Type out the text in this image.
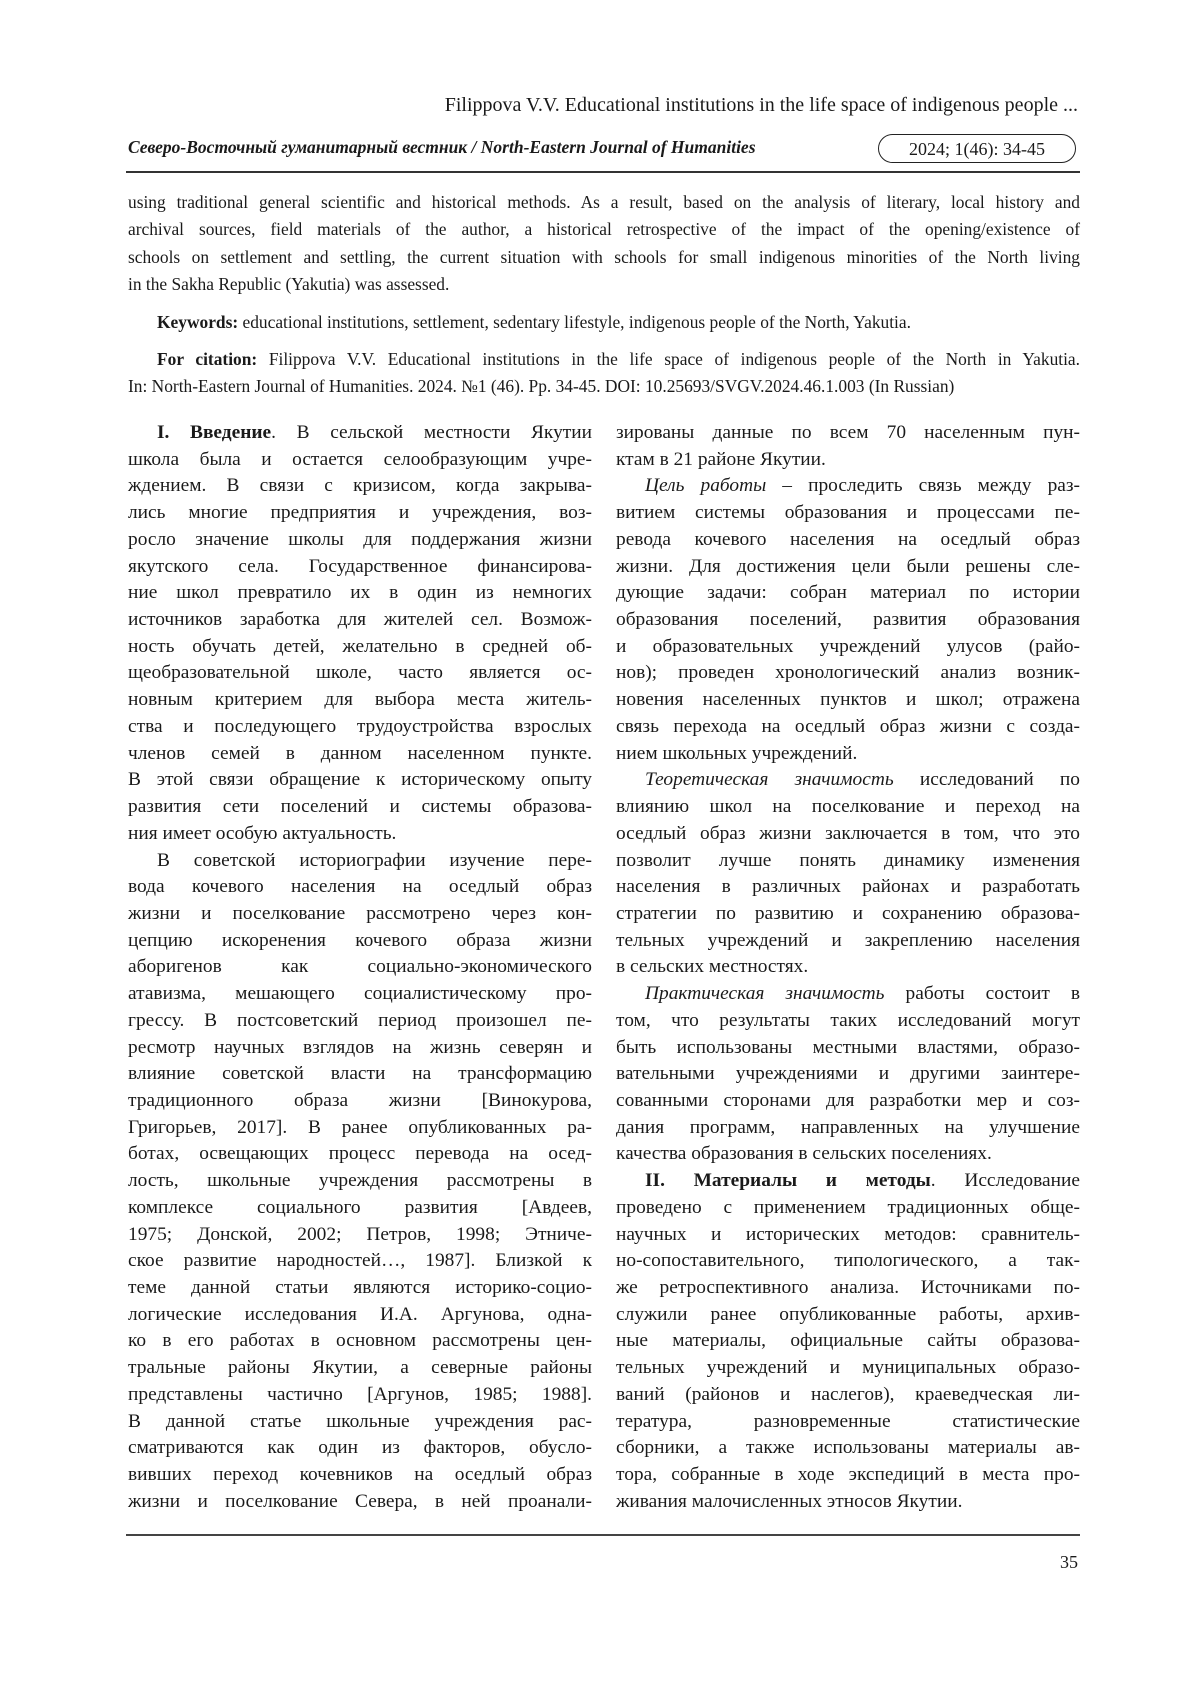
Filippova V.V. Educational institutions in the life space of indigenous people ...
Северо-Восточный гуманитарный вестник / North-Eastern Journal of Humanities	2024; 1(46): 34-45
using traditional general scientific and historical methods. As a result, based on the analysis of literary, local history and
archival sources, field materials of the author, a historical retrospective of the impact of the opening/existence of
schools on settlement and settling, the current situation with schools for small indigenous minorities of the North living
in the Sakha Republic (Yakutia) was assessed.
Keywords: educational institutions, settlement, sedentary lifestyle, indigenous people of the North, Yakutia.
For citation: Filippova V.V. Educational institutions in the life space of indigenous people of the North in Yakutia.
In: North-Eastern Journal of Humanities. 2024. №1 (46). Pp. 34-45. DOI: 10.25693/SVGV.2024.46.1.003 (In Russian)
I. Введение. В сельской местности Якутии
школа была и остается селообразующим учре-
ждением. В связи с кризисом, когда закрыва-
лись многие предприятия и учреждения, воз-
росло значение школы для поддержания жизни
якутского села. Государственное финансирова-
ние школ превратило их в один из немногих
источников заработка для жителей сел. Возмож-
ность обучать детей, желательно в средней об-
щеобразовательной школе, часто является ос-
новным критерием для выбора места житель-
ства и последующего трудоустройства взрослых
членов семей в данном населенном пункте.
В этой связи обращение к историческому опыту
развития сети поселений и системы образова-
ния имеет особую актуальность.
В советской историографии изучение пере-
вода кочевого населения на оседлый образ
жизни и поселкование рассмотрено через кон-
цепцию искоренения кочевого образа жизни
аборигенов как социально-экономического
атавизма, мешающего социалистическому про-
грессу. В постсоветский период произошел пе-
ресмотр научных взглядов на жизнь северян и
влияние советской власти на трансформацию
традиционного образа жизни [Винокурова,
Григорьев, 2017]. В ранее опубликованных ра-
ботах, освещающих процесс перевода на осед-
лость, школьные учреждения рассмотрены в
комплексе социального развития [Авдеев,
1975; Донской, 2002; Петров, 1998; Этниче-
ское развитие народностей…, 1987]. Близкой к
теме данной статьи являются историко-социо-
логические исследования И.А. Аргунова, одна-
ко в его работах в основном рассмотрены цен-
тральные районы Якутии, а северные районы
представлены частично [Аргунов, 1985; 1988].
В данной статье школьные учреждения рас-
сматриваются как один из факторов, обусло-
вивших переход кочевников на оседлый образ
жизни и поселкование Севера, в ней проанали-
зированы данные по всем 70 населенным пун-
ктам в 21 районе Якутии.
Цель работы – проследить связь между раз-
витием системы образования и процессами пе-
ревода кочевого населения на оседлый образ
жизни. Для достижения цели были решены сле-
дующие задачи: собран материал по истории
образования поселений, развития образования
и образовательных учреждений улусов (райо-
нов); проведен хронологический анализ возник-
новения населенных пунктов и школ; отражена
связь перехода на оседлый образ жизни с созда-
нием школьных учреждений.
Теоретическая значимость исследований по
влиянию школ на поселкование и переход на
оседлый образ жизни заключается в том, что это
позволит лучше понять динамику изменения
населения в различных районах и разработать
стратегии по развитию и сохранению образова-
тельных учреждений и закреплению населения
в сельских местностях.
Практическая значимость работы состоит в
том, что результаты таких исследований могут
быть использованы местными властями, образо-
вательными учреждениями и другими заинтере-
сованными сторонами для разработки мер и соз-
дания программ, направленных на улучшение
качества образования в сельских поселениях.
II. Материалы и методы. Исследование
проведено с применением традиционных обще-
научных и исторических методов: сравнитель-
но-сопоставительного, типологического, а так-
же ретроспективного анализа. Источниками по-
служили ранее опубликованные работы, архив-
ные материалы, официальные сайты образова-
тельных учреждений и муниципальных образо-
ваний (районов и наслегов), краеведческая ли-
тература, разновременные статистические
сборники, а также использованы материалы ав-
тора, собранные в ходе экспедиций в места про-
живания малочисленных этносов Якутии.
35
